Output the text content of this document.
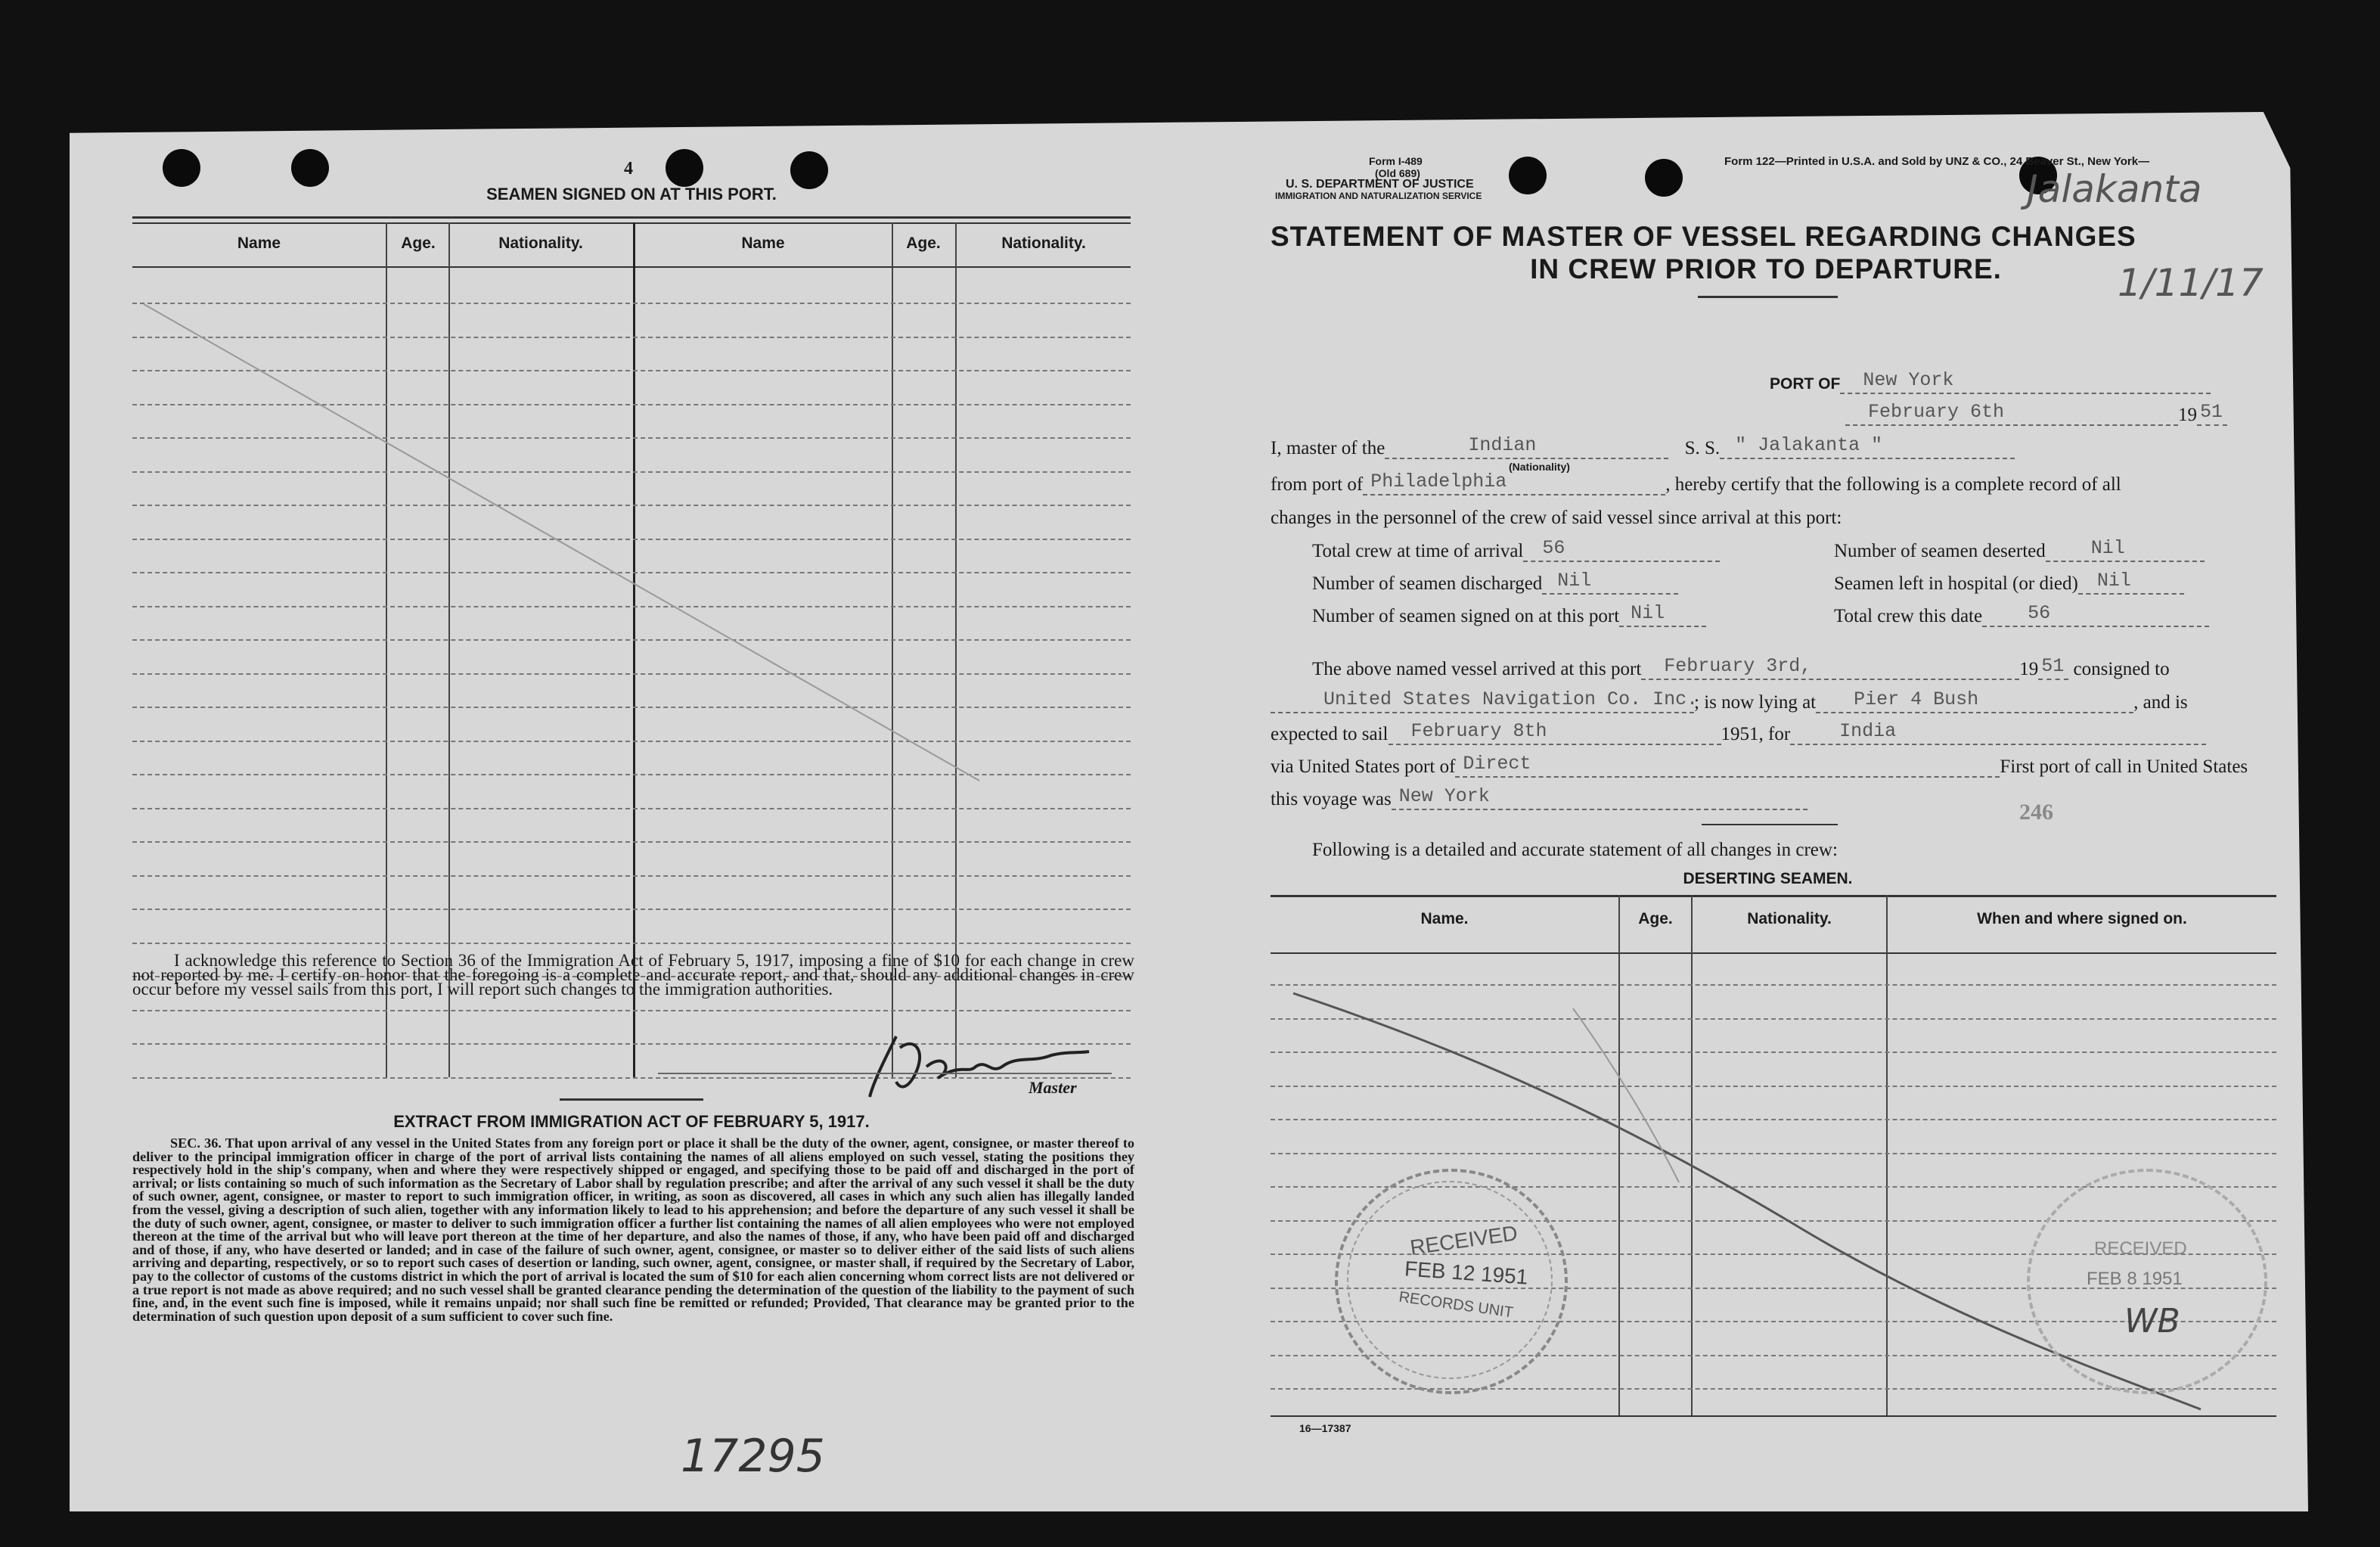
4
SEAMEN SIGNED ON AT THIS PORT.
Name	Age.	Nationality.	Name	Age.	Nationality.
I acknowledge this reference to Section 36 of the Immigration Act of February 5, 1917, imposing a fine of $10 for each change in crew not reported by me. I certify on honor that the foregoing is a complete and accurate report, and that, should any additional changes in crew occur before my vessel sails from this port, I will report such changes to the immigration authorities.
Master
EXTRACT FROM IMMIGRATION ACT OF FEBRUARY 5, 1917.
SEC. 36. That upon arrival of any vessel in the United States from any foreign port or place it shall be the duty of the owner, agent, consignee, or master thereof to deliver to the principal immigration officer in charge of the port of arrival lists containing the names of all aliens employed on such vessel, stating the positions they respectively hold in the ship's company, when and where they were respectively shipped or engaged, and specifying those to be paid off and discharged in the port of arrival; or lists containing so much of such information as the Secretary of Labor shall by regulation prescribe; and after the arrival of any such vessel it shall be the duty of such owner, agent, consignee, or master to report to such immigration officer, in writing, as soon as discovered, all cases in which any such alien has illegally landed from the vessel, giving a description of such alien, together with any information likely to lead to his apprehension; and before the departure of any such vessel it shall be the duty of such owner, agent, consignee, or master to deliver to such immigration officer a further list containing the names of all alien employees who were not employed thereon at the time of the arrival but who will leave port thereon at the time of her departure, and also the names of those, if any, who have been paid off and discharged and of those, if any, who have deserted or landed; and in case of the failure of such owner, agent, consignee, or master so to deliver either of the said lists of such aliens arriving and departing, respectively, or so to report such cases of desertion or landing, such owner, agent, consignee, or master shall, if required by the Secretary of Labor, pay to the collector of customs of the customs district in which the port of arrival is located the sum of $10 for each alien concerning whom correct lists are not delivered or a true report is not made as above required; and no such vessel shall be granted clearance pending the determination of the question of the liability to the payment of such fine, and, in the event such fine is imposed, while it remains unpaid; nor shall such fine be remitted or refunded; Provided, That clearance may be granted prior to the determination of such question upon deposit of a sum sufficient to cover such fine.
17295
Form I-489
(Old 689)
U. S. DEPARTMENT OF JUSTICE
IMMIGRATION AND NATURALIZATION SERVICE
Form 122—Printed in U.S.A. and Sold by UNZ & CO., 24 Beaver St., New York—
Jalakanta
1/11/17
STATEMENT OF MASTER OF VESSEL REGARDING CHANGES
IN CREW PRIOR TO DEPARTURE.
PORT OF New York
February 6th	19 51
I, master of the	Indian	S. S. " Jalakanta "
(Nationality)
from port of Philadelphia	, hereby certify that the following is a complete record of all
changes in the personnel of the crew of said vessel since arrival at this port:
Total crew at time of arrival 56	Number of seamen deserted Nil
Number of seamen discharged Nil	Seamen left in hospital (or died) Nil
Number of seamen signed on at this port Nil	Total crew this date 56
The above named vessel arrived at this port February 3rd,	19 51 consigned to
United States Navigation Co. Inc.
; is now lying at Pier 4 Bush	, and is
expected to sail February 8th	1951, for	India
via United States port of Direct	First port of call in United States
this voyage was New York
246
Following is a detailed and accurate statement of all changes in crew:
DESERTING SEAMEN.
Name.	Age.	Nationality.	When and where signed on.
16—17387
RECEIVED
FEB 12 1951
RECORDS UNIT
RECEIVED
FEB 8 1951
WB
